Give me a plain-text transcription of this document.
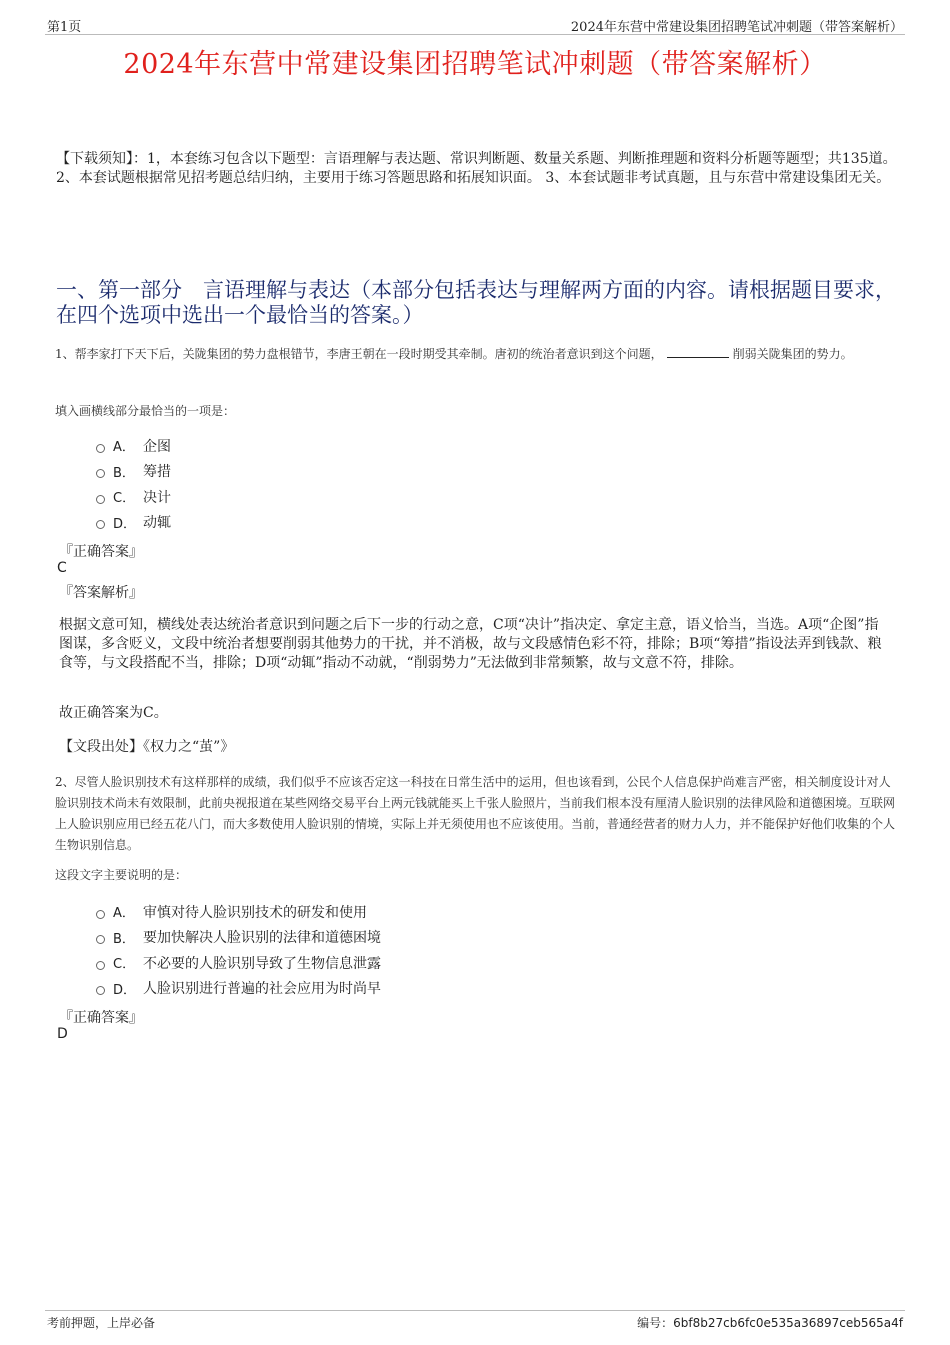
第1页	2024年东营中常建设集团招聘笔试冲刺题（带答案解析）
2024年东营中常建设集团招聘笔试冲刺题（带答案解析）
【下载须知】：1，本套练习包含以下题型：言语理解与表达题、常识判断题、数量关系题、判断推理题和资料分析题等题型；共135道。 2、本套试题根据常见招考题总结归纳，主要用于练习答题思路和拓展知识面。 3、本套试题非考试真题，且与东营中常建设集团无关。
一、第一部分　言语理解与表达（本部分包括表达与理解两方面的内容。请根据题目要求，在四个选项中选出一个最恰当的答案。）
1、帮李家打下天下后，关陇集团的势力盘根错节，李唐王朝在一段时期受其牵制。唐初的统治者意识到这个问题，	削弱关陇集团的势力。
填入画横线部分最恰当的一项是：
A． 企图
B． 筹措
C． 决计
D． 动辄
『正确答案』
C
『答案解析』
根据文意可知，横线处表达统治者意识到问题之后下一步的行动之意，C项“决计”指决定、拿定主意，语义恰当，当选。A项“企图”指图谋，多含贬义，文段中统治者想要削弱其他势力的干扰，并不消极，故与文段感情色彩不符，排除；B项“筹措”指设法弄到钱款、粮食等，与文段搭配不当，排除；D项“动辄”指动不动就，“削弱势力”无法做到非常频繁，故与文意不符，排除。
故正确答案为C。
【文段出处】《权力之“茧”》
2、尽管人脸识别技术有这样那样的成绩，我们似乎不应该否定这一科技在日常生活中的运用，但也该看到，公民个人信息保护尚难言严密，相关制度设计对人脸识别技术尚未有效限制，此前央视报道在某些网络交易平台上两元钱就能买上千张人脸照片，当前我们根本没有厘清人脸识别的法律风险和道德困境。互联网上人脸识别应用已经五花八门，而大多数使用人脸识别的情境，实际上并无须使用也不应该使用。当前，普通经营者的财力人力，并不能保护好他们收集的个人生物识别信息。
这段文字主要说明的是：
A． 审慎对待人脸识别技术的研发和使用
B． 要加快解决人脸识别的法律和道德困境
C． 不必要的人脸识别导致了生物信息泄露
D． 人脸识别进行普遍的社会应用为时尚早
『正确答案』
D
考前押题，上岸必备	编号：6bf8b27cb6fc0e535a36897ceb565a4f
